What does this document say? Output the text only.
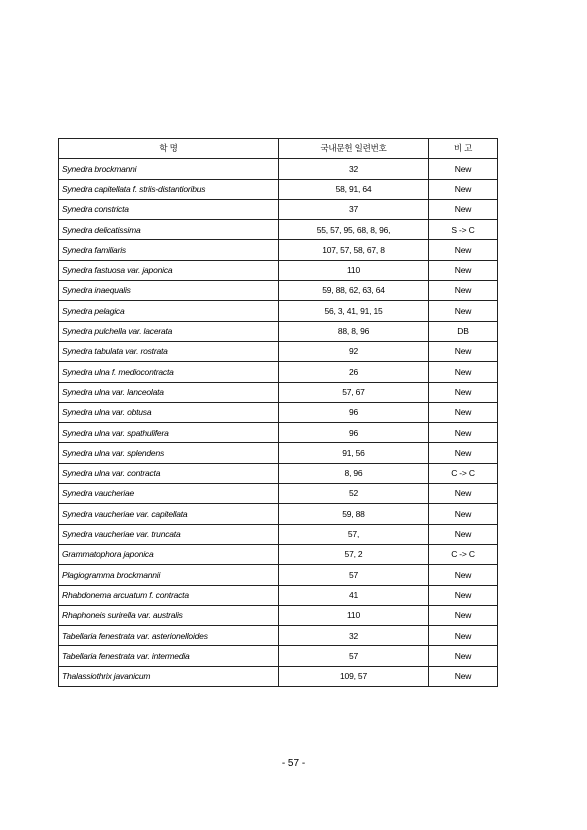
학 명	국내문헌 일련번호	비 고
Synedra brockmanni	32	New
Synedra capitellata f. striis-distantioribus	58, 91, 64	New
Synedra constricta	37	New
Synedra delicatissima	55, 57, 95, 68, 8, 96,	S -> C
Synedra familiaris	107, 57, 58, 67, 8	New
Synedra fastuosa var. japonica	110	New
Synedra inaequalis	59, 88, 62, 63, 64	New
Synedra pelagica	56, 3, 41, 91, 15	New
Synedra pulchella var. lacerata	88, 8, 96	DB
Synedra tabulata var. rostrata	92	New
Synedra ulna f. mediocontracta	26	New
Synedra ulna var. lanceolata	57, 67	New
Synedra ulna var. obtusa	96	New
Synedra ulna var. spathulifera	96	New
Synedra ulna var. splendens	91, 56	New
Synedra ulna var. contracta	8, 96	C -> C
Synedra vaucheriae	52	New
Synedra vaucheriae var. capitellata	59, 88	New
Synedra vaucheriae var. truncata	57,	New
Grammatophora japonica	57, 2	C -> C
Plagiogramma brockmannii	57	New
Rhabdonema arcuatum f. contracta	41	New
Rhaphoneis surirella var. australis	110	New
Tabellaria fenestrata var. asterionelloides	32	New
Tabellaria fenestrata var. intermedia	57	New
Thalassiothrix javanicum	109, 57	New
- 57 -
